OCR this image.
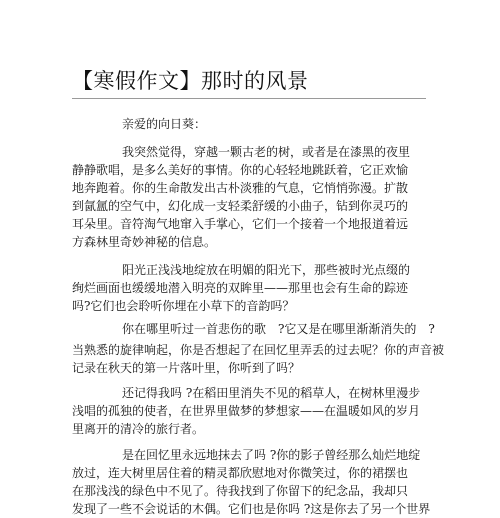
【寒假作文】那时的风景
亲爱的向日葵：
我突然觉得，穿越一颗古老的树，或者是在漆黑的夜里
静静歌唱，是多么美好的事情。你的心轻轻地跳跃着，它正欢愉
地奔跑着。你的生命散发出古朴淡雅的气息，它悄悄弥漫。扩散
到氤氲的空气中，幻化成一支轻柔舒缓的小曲子，钻到你灵巧的
耳朵里。音符淘气地窜入手掌心，它们一个接着一个地报道着远
方森林里奇妙神秘的信息。
阳光正浅浅地绽放在明媚的阳光下，那些被时光点缀的
绚烂画面也缓缓地潜入明亮的双眸里——那里也会有生命的踪迹
吗?它们也会聆听你埋在小草下的音韵吗？
你在哪里听过一首悲伤的歌　?它又是在哪里渐渐消失的　?
当熟悉的旋律响起，你是否想起了在回忆里弄丢的过去呢？你的声音被
记录在秋天的第一片落叶里，你听到了吗？
还记得我吗 ?在稻田里消失不见的稻草人，在树林里漫步
浅唱的孤独的使者，在世界里做梦的梦想家——在温暖如风的岁月
里离开的清冷的旅行者。
是在回忆里永远地抹去了吗 ?你的影子曾经那么灿烂地绽
放过，连大树里居住着的精灵都欣慰地对你微笑过，你的裙摆也
在那浅浅的绿色中不见了。待我找到了你留下的纪念品，我却只
发现了一些不会说话的木偶。它们也是你吗 ?这是你去了另一个世界
